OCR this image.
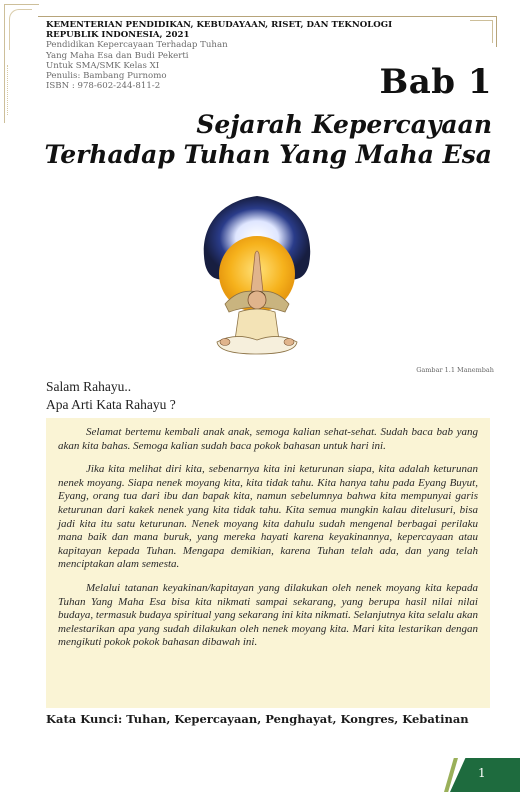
KEMENTERIAN PENDIDIKAN, KEBUDAYAAN, RISET, DAN TEKNOLOGI
REPUBLIK INDONESIA, 2021
Pendidikan Kepercayaan Terhadap Tuhan
Yang Maha Esa dan Budi Pekerti
Untuk SMA/SMK Kelas XI
Penulis: Bambang Purnomo
ISBN : 978-602-244-811-2	Bab 1
Sejarah Kepercayaan
Terhadap Tuhan Yang Maha Esa
Gambar 1.1 Manembah
Salam Rahayu..
Apa Arti Kata Rahayu ?

Selamat bertemu kembali anak anak, semoga kalian sehat-sehat. Sudah baca bab yang akan kita bahas. Semoga kalian sudah baca pokok bahasan untuk hari ini.

Jika kita melihat diri kita, sebenarnya kita ini keturunan siapa, kita adalah keturunan nenek moyang. Siapa nenek moyang kita, kita tidak tahu. Kita hanya tahu pada Eyang Buyut, Eyang, orang tua dari ibu dan bapak kita, namun sebelumnya bahwa kita mempunyai garis keturunan dari kakek nenek yang kita tidak tahu. Kita semua mungkin kalau ditelusuri, bisa jadi kita itu satu keturunan. Nenek moyang kita dahulu sudah mengenal berbagai perilaku mana baik dan mana buruk, yang mereka hayati karena keyakinannya, kepercayaan atau kapitayan kepada Tuhan. Mengapa demikian, karena Tuhan telah ada, dan yang telah menciptakan alam semesta.

Melalui tatanan keyakinan/kapitayan yang dilakukan oleh nenek moyang kita kepada Tuhan Yang Maha Esa bisa kita nikmati sampai sekarang, yang berupa hasil nilai nilai budaya, termasuk budaya spiritual yang sekarang ini kita nikmati. Selanjutnya kita selalu akan melestarikan apa yang sudah dilakukan oleh nenek moyang kita. Mari kita lestarikan dengan mengikuti pokok pokok bahasan dibawah ini.

Kata Kunci: Tuhan, Kepercayaan, Penghayat, Kongres, Kebatinan
1
